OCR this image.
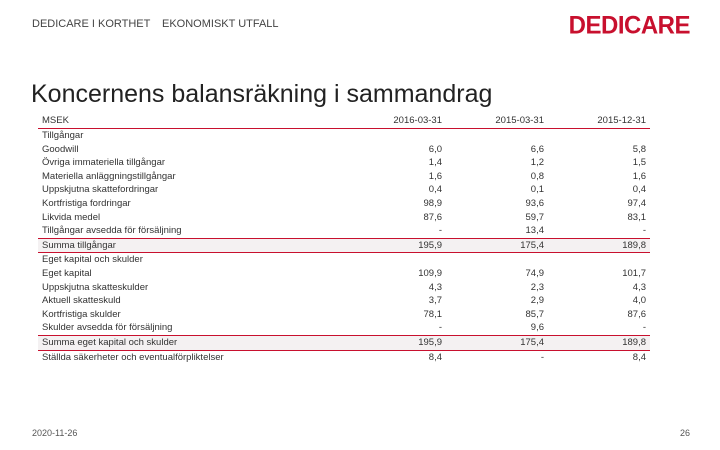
DEDICARE I KORTHET EKONOMISKT UTFALL	DEDICARE
Koncernens balansräkning i sammandrag
MSEK	2016-03-31	2015-03-31	2015-12-31
Tillgångar			
Goodwill	6,0	6,6	5,8
Övriga immateriella tillgångar	1,4	1,2	1,5
Materiella anläggningstillgångar	1,6	0,8	1,6
Uppskjutna skattefordringar	0,4	0,1	0,4
Kortfristiga fordringar	98,9	93,6	97,4
Likvida medel	87,6	59,7	83,1
Tillgångar avsedda för försäljning	-	13,4	-
Summa tillgångar	195,9	175,4	189,8
Eget kapital och skulder			
Eget kapital	109,9	74,9	101,7
Uppskjutna skatteskulder	4,3	2,3	4,3
Aktuell skatteskuld	3,7	2,9	4,0
Kortfristiga skulder	78,1	85,7	87,6
Skulder avsedda för försäljning	-	9,6	-
Summa eget kapital och skulder	195,9	175,4	189,8
Ställda säkerheter och eventualförpliktelser	8,4	-	8,4
2020-11-26	26
